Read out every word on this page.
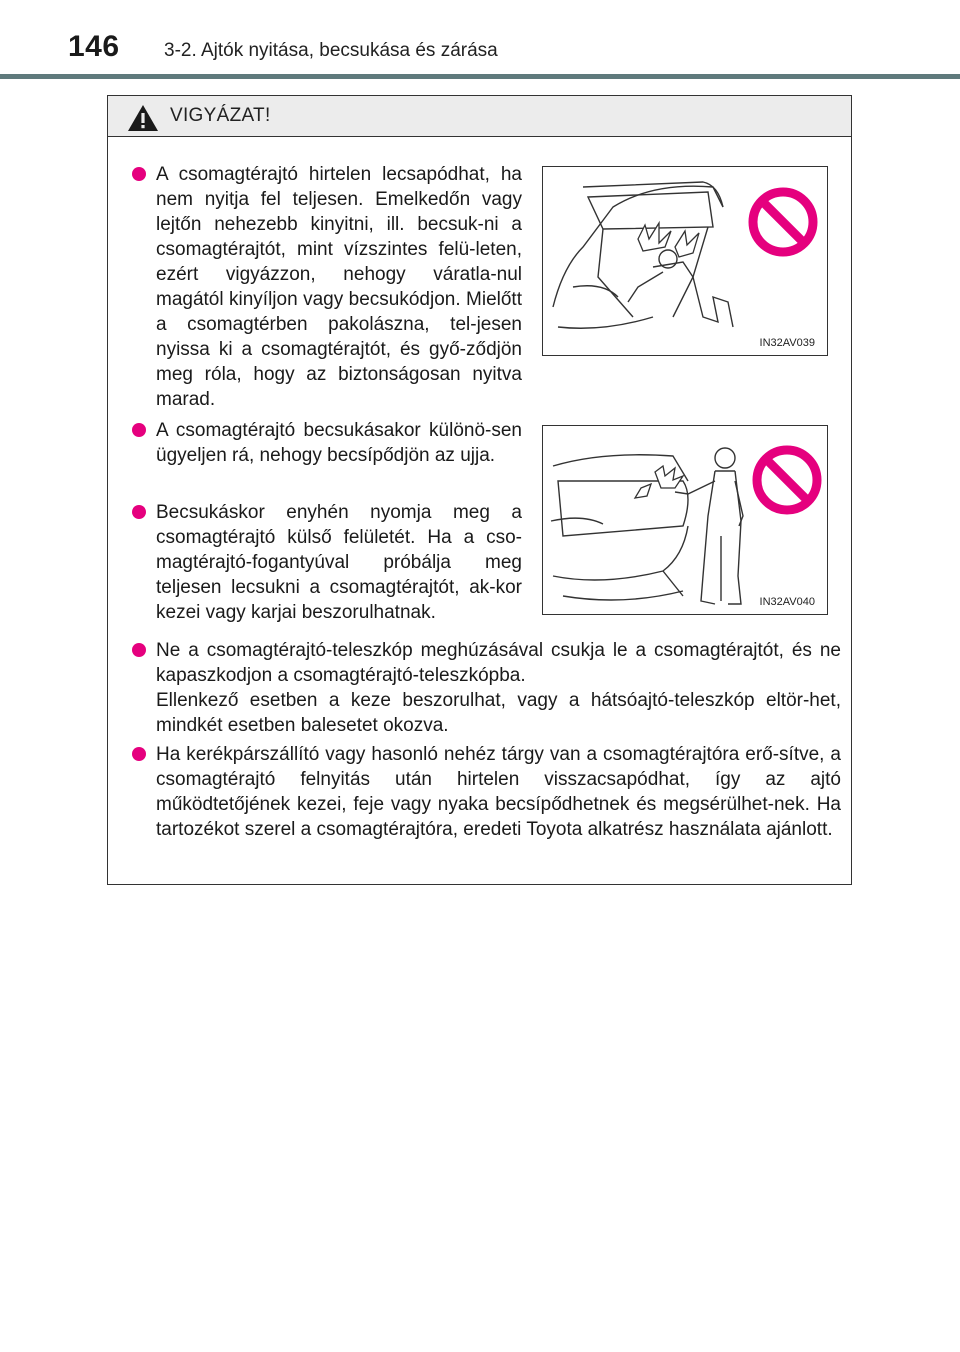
146 3-2. Ajtók nyitása, becsukása és zárása
VIGYÁZAT!

A csomagtérajtó hirtelen lecsapódhat, ha nem nyitja fel teljesen. Emelkedőn vagy lejtőn nehezebb kinyitni, ill. becsuk-ni a csomagtérajtót, mint vízszintes felü-leten, ezért vigyázzon, nehogy váratla-nul magától kinyíljon vagy becsukódjon. Mielőtt a csomagtérben pakolászna, tel-jesen nyissa ki a csomagtérajtót, és győ-ződjön meg róla, hogy az biztonságosan nyitva marad.

IN32AV039

A csomagtérajtó becsukásakor különö-sen ügyeljen rá, nehogy becsípődjön az ujja.

Becsukáskor enyhén nyomja meg a csomagtérajtó külső felületét. Ha a cso-magtérajtó-fogantyúval próbálja meg teljesen lecsukni a csomagtérajtót, ak-kor kezei vagy karjai beszorulhatnak.	IN32AV040

Ne a csomagtérajtó-teleszkóp meghúzásával csukja le a csomagtérajtót, és ne kapaszkodjon a csomagtérajtó-teleszkópba.

Ellenkező esetben a keze beszorulhat, vagy a hátsóajtó-teleszkóp eltör-het, mindkét esetben balesetet okozva.

Ha kerékpárszállító vagy hasonló nehéz tárgy van a csomagtérajtóra erő-sítve, a csomagtérajtó felnyitás után hirtelen visszacsapódhat, így az ajtó működtetőjének kezei, feje vagy nyaka becsípődhetnek és megsérülhet-nek. Ha tartozékot szerel a csomagtérajtóra, eredeti Toyota alkatrész használata ajánlott.
